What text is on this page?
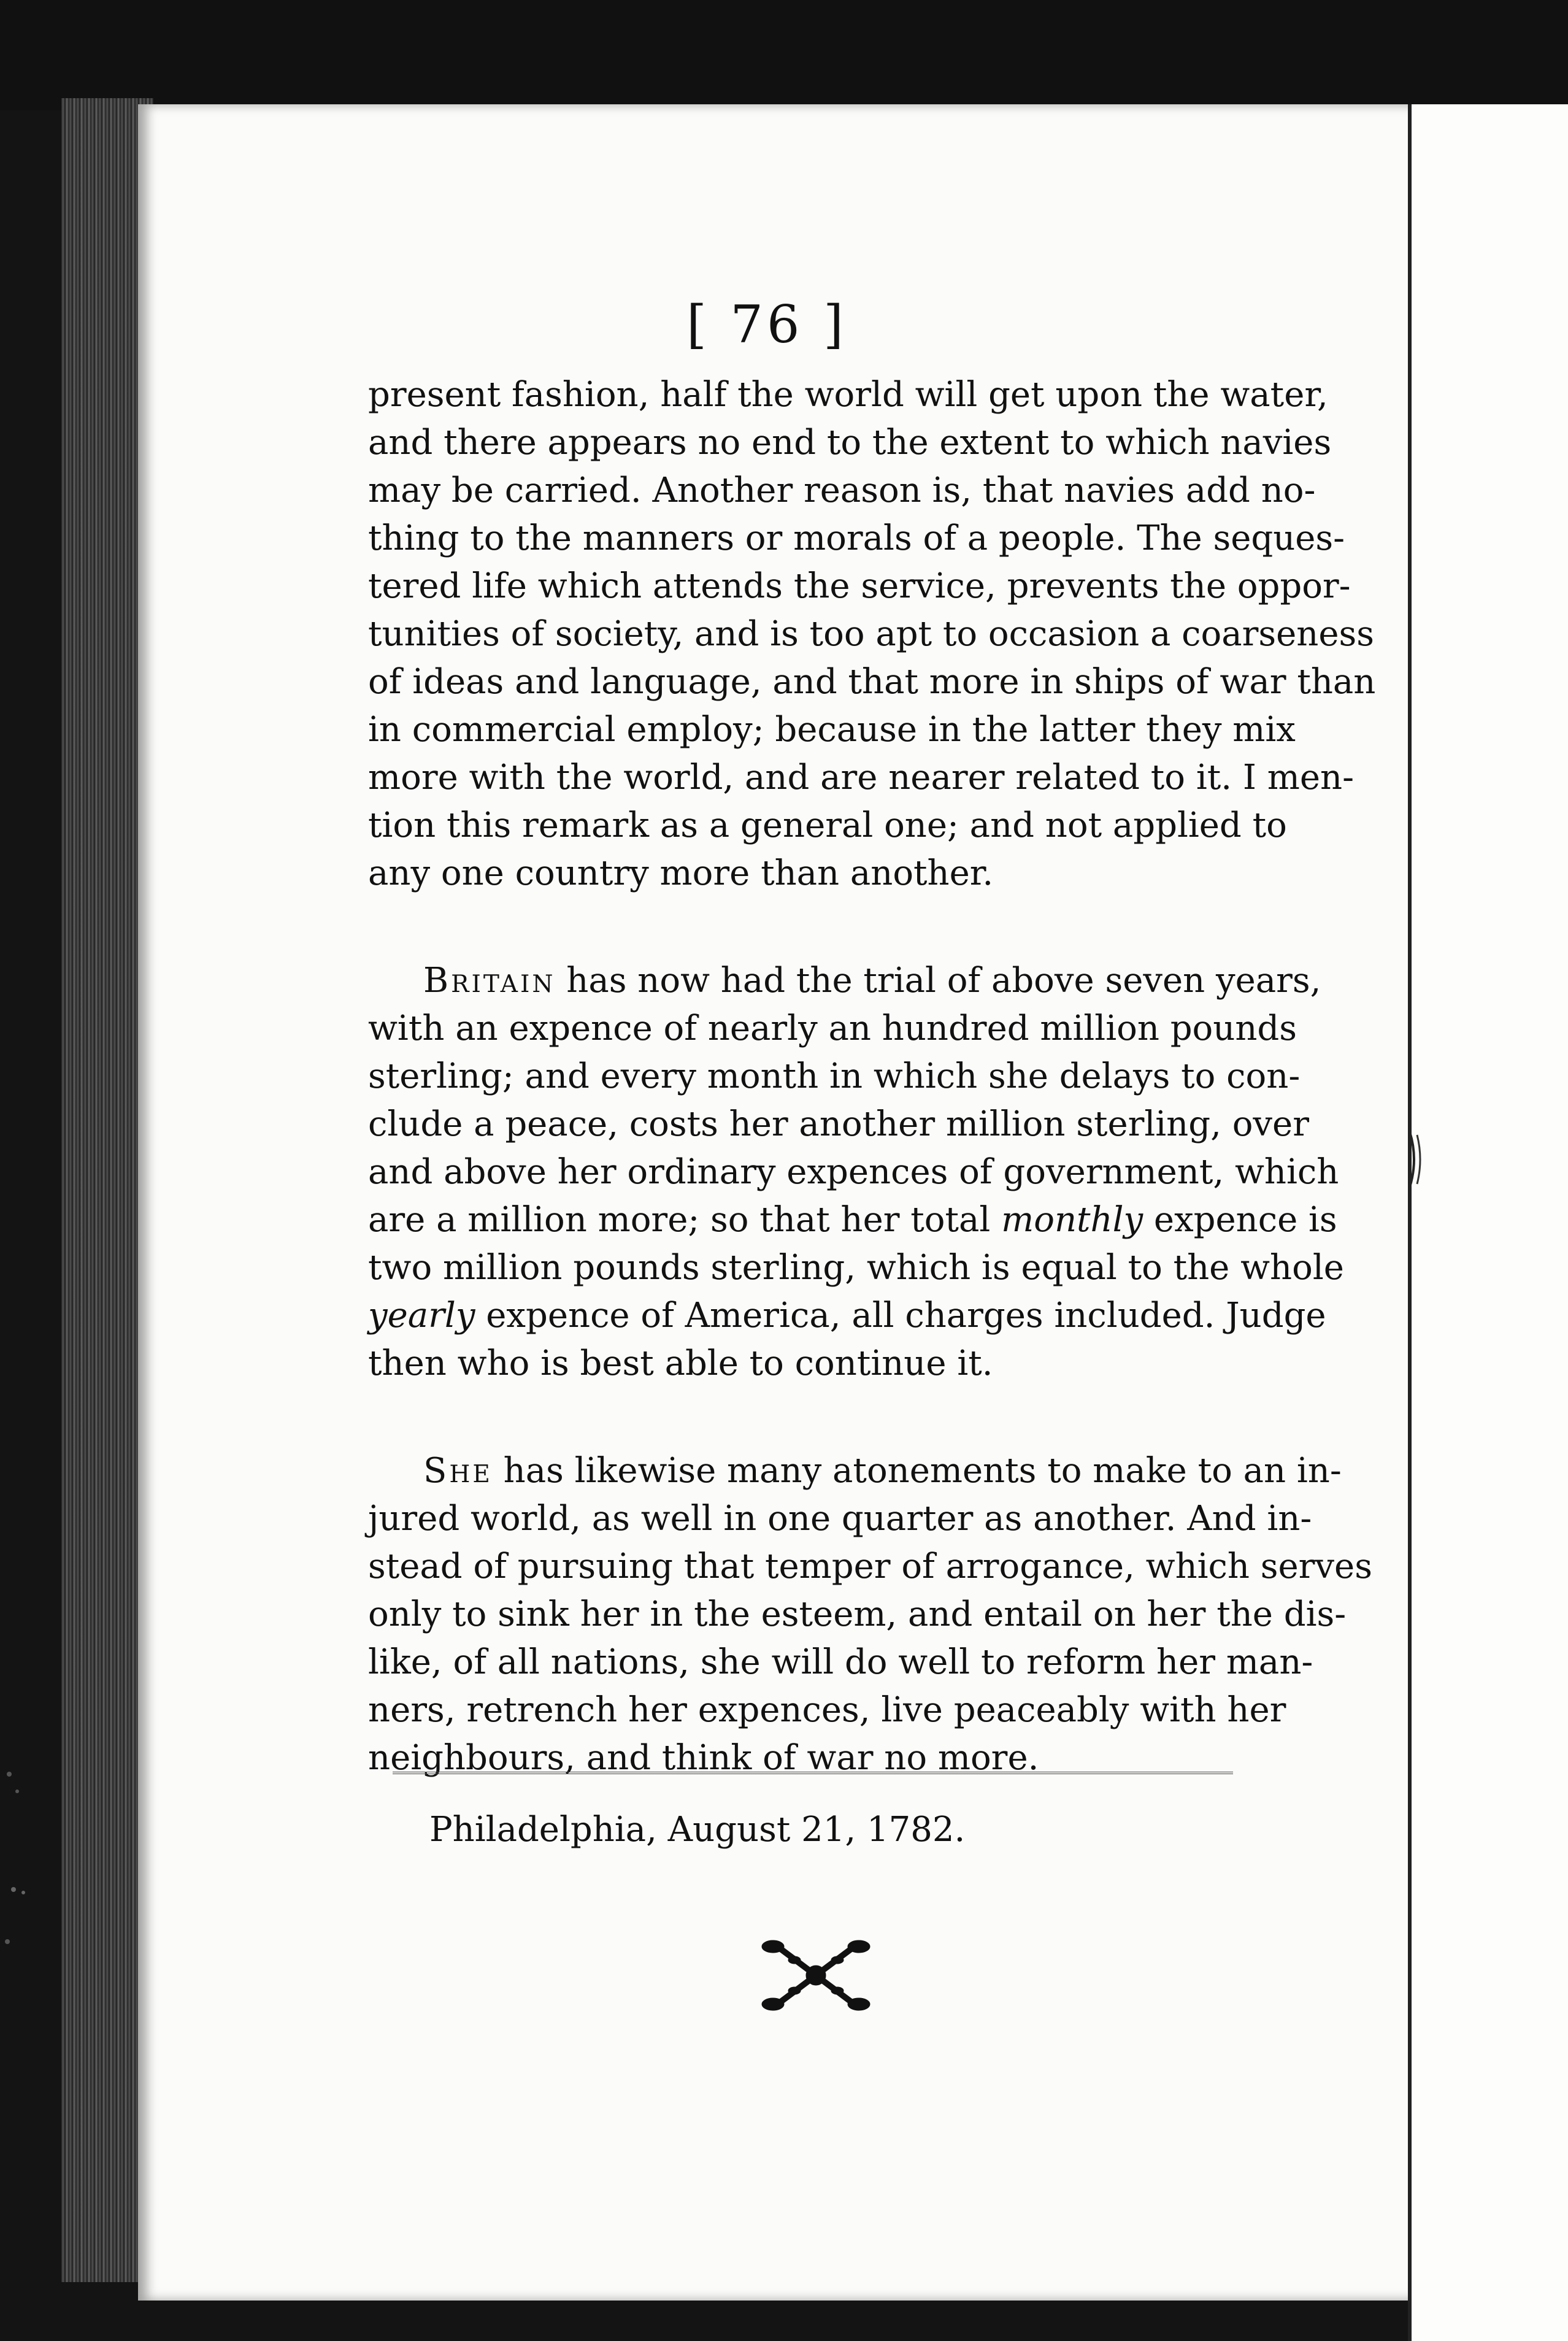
[ 76 ]
present fashion, half the world will get upon the water,
and there appears no end to the extent to which navies
may be carried. Another reason is, that navies add no-
thing to the manners or morals of a people. The seques-
tered life which attends the service, prevents the oppor-
tunities of society, and is too apt to occasion a coarseness
of ideas and language, and that more in ships of war than
in commercial employ; because in the latter they mix
more with the world, and are nearer related to it. I men-
tion this remark as a general one; and not applied to
any one country more than another.
Britain has now had the trial of above seven years,
with an expence of nearly an hundred million pounds
sterling; and every month in which she delays to con-
clude a peace, costs her another million sterling, over
and above her ordinary expences of government, which
are a million more; so that her total monthly expence is
two million pounds sterling, which is equal to the whole
yearly expence of America, all charges included. Judge
then who is best able to continue it.
She has likewise many atonements to make to an in-
jured world, as well in one quarter as another. And in-
stead of pursuing that temper of arrogance, which serves
only to sink her in the esteem, and entail on her the dis-
like, of all nations, she will do well to reform her man-
ners, retrench her expences, live peaceably with her
neighbours, and think of war no more.
Philadelphia, August 21, 1782.
